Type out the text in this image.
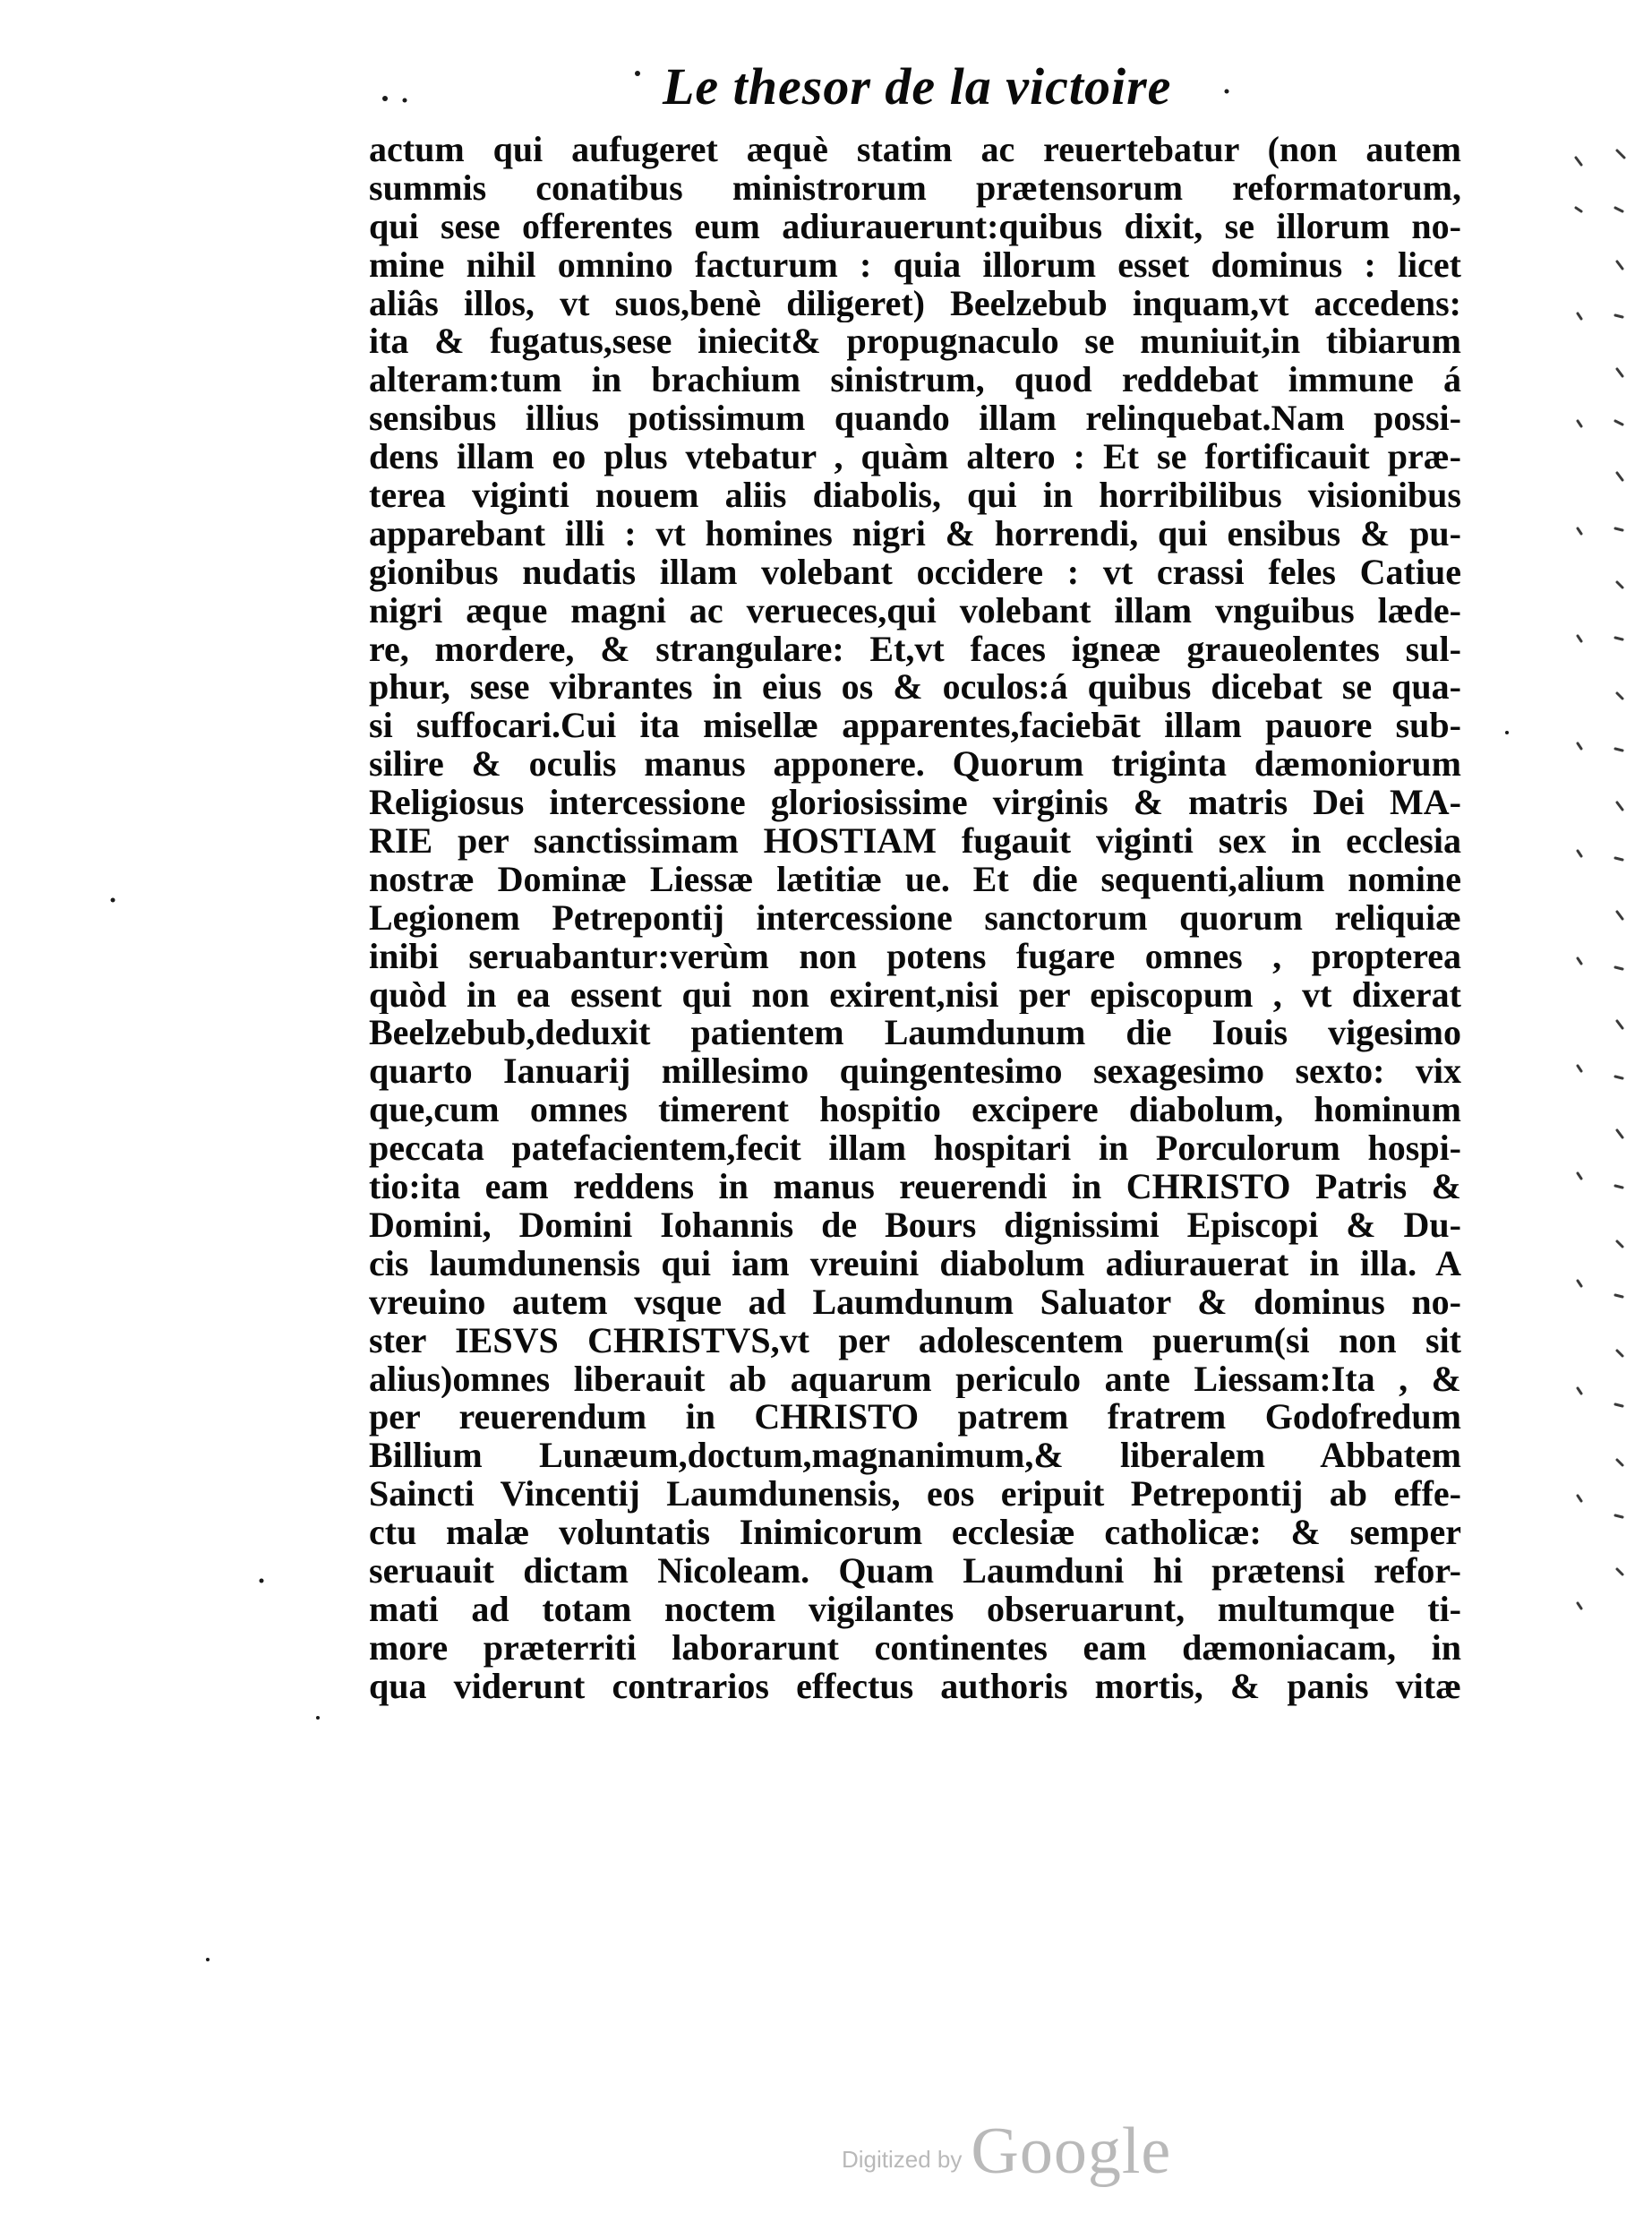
Le thesor de la victoire
actum qui aufugeret æquè statim ac reuertebatur (non autem
summis conatibus ministrorum prætensorum reformatorum,
qui sese offerentes eum adiurauerunt:quibus dixit, se illorum no-
mine nihil omnino facturum : quia illorum esset dominus : licet
aliâs illos, vt suos,benè diligeret) Beelzebub inquam,vt accedens:
ita & fugatus,sese iniecit& propugnaculo se muniuit,in tibiarum
alteram:tum in brachium sinistrum, quod reddebat immune á
sensibus illius potissimum quando illam relinquebat.Nam possi-
dens illam eo plus vtebatur , quàm altero : Et se fortificauit præ-
terea viginti nouem aliis diabolis, qui in horribilibus visionibus
apparebant illi : vt homines nigri & horrendi, qui ensibus & pu-
gionibus nudatis illam volebant occidere : vt crassi feles Catiue
nigri æque magni ac verueces,qui volebant illam vnguibus læde-
re, mordere, & strangulare: Et,vt faces igneæ graueolentes sul-
phur, sese vibrantes in eius os & oculos:á quibus dicebat se qua-
si suffocari.Cui ita misellæ apparentes,faciebāt illam pauore sub-
silire & oculis manus apponere. Quorum triginta dæmoniorum
Religiosus intercessione gloriosissime virginis & matris Dei MA-
RIE per sanctissimam HOSTIAM fugauit viginti sex in ecclesia
nostræ Dominæ Liessæ lætitiæ ue. Et die sequenti,alium nomine
Legionem Petrepontij intercessione sanctorum quorum reliquiæ
inibi seruabantur:verùm non potens fugare omnes , propterea
quòd in ea essent qui non exirent,nisi per episcopum , vt dixerat
Beelzebub,deduxit patientem Laumdunum die Iouis vigesimo
quarto Ianuarij millesimo quingentesimo sexagesimo sexto: vix
que,cum omnes timerent hospitio excipere diabolum, hominum
peccata patefacientem,fecit illam hospitari in Porculorum hospi-
tio:ita eam reddens in manus reuerendi in CHRISTO Patris &
Domini, Domini Iohannis de Bours dignissimi Episcopi & Du-
cis laumdunensis qui iam vreuini diabolum adiurauerat in illa. A
vreuino autem vsque ad Laumdunum Saluator & dominus no-
ster IESVS CHRISTVS,vt per adolescentem puerum(si non sit
alius)omnes liberauit ab aquarum periculo ante Liessam:Ita , &
per reuerendum in CHRISTO patrem fratrem Godofredum
Billium Lunæum,doctum,magnanimum,& liberalem Abbatem
Saincti Vincentij Laumdunensis, eos eripuit Petrepontij ab effe-
ctu malæ voluntatis Inimicorum ecclesiæ catholicæ: & semper
seruauit dictam Nicoleam. Quam Laumduni hi prætensi refor-
mati ad totam noctem vigilantes obseruarunt, multumque ti-
more præterriti laborarunt continentes eam dæmoniacam, in
qua viderunt contrarios effectus authoris mortis, & panis vitæ
Digitized by Google
